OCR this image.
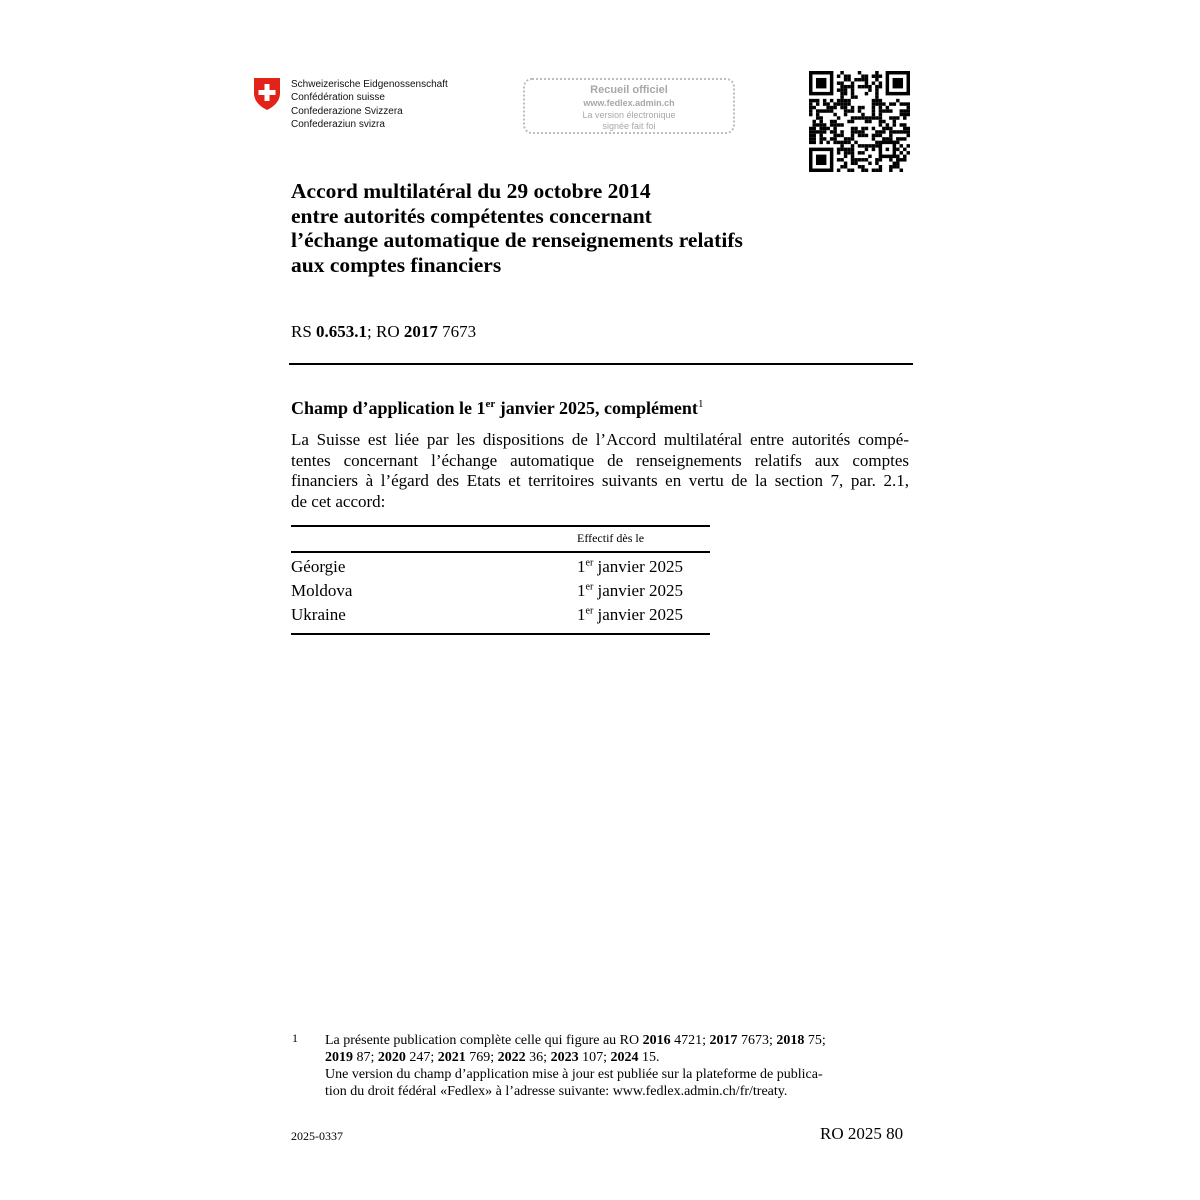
Schweizerische Eidgenossenschaft
Confédération suisse
Confederazione Svizzera
Confederaziun svizra
Recueil officiel
www.fedlex.admin.ch
La version électronique
signée fait foi
Accord multilatéral du 29 octobre 2014
entre autorités compétentes concernant
l’échange automatique de renseignements relatifs
aux comptes financiers
RS 0.653.1; RO 2017 7673
Champ d’application le 1er janvier 2025, complément$^1$
La Suisse est liée par les dispositions de l’Accord multilatéral entre autorités compé-
tentes concernant l’échange automatique de renseignements relatifs aux comptes
financiers à l’égard des Etats et territoires suivants en vertu de la section 7, par. 2.1,
de cet accord:
Effectif dès le
Géorgie	1er janvier 2025
Moldova	1er janvier 2025
Ukraine	1er janvier 2025
1 La présente publication complète celle qui figure au RO 2016 4721; 2017 7673; 2018 75;
2019 87; 2020 247; 2021 769; 2022 36; 2023 107; 2024 15.
Une version du champ d’application mise à jour est publiée sur la plateforme de publica-
tion du droit fédéral «Fedlex» à l’adresse suivante: www.fedlex.admin.ch/fr/treaty.
2025-0337	RO 2025 80
